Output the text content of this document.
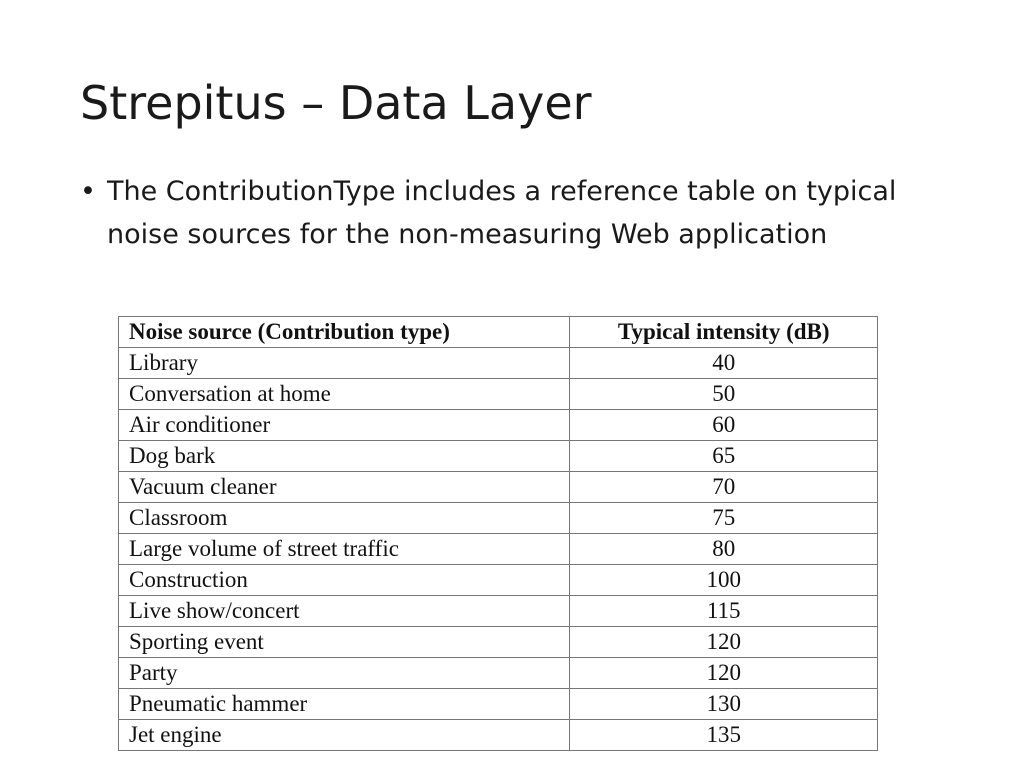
Strepitus – Data Layer
• The ContributionType includes a reference table on typical noise sources for the non-measuring Web application
Noise source (Contribution type)	Typical intensity (dB)
Library	40
Conversation at home	50
Air conditioner	60
Dog bark	65
Vacuum cleaner	70
Classroom	75
Large volume of street traffic	80
Construction	100
Live show/concert	115
Sporting event	120
Party	120
Pneumatic hammer	130
Jet engine	135
